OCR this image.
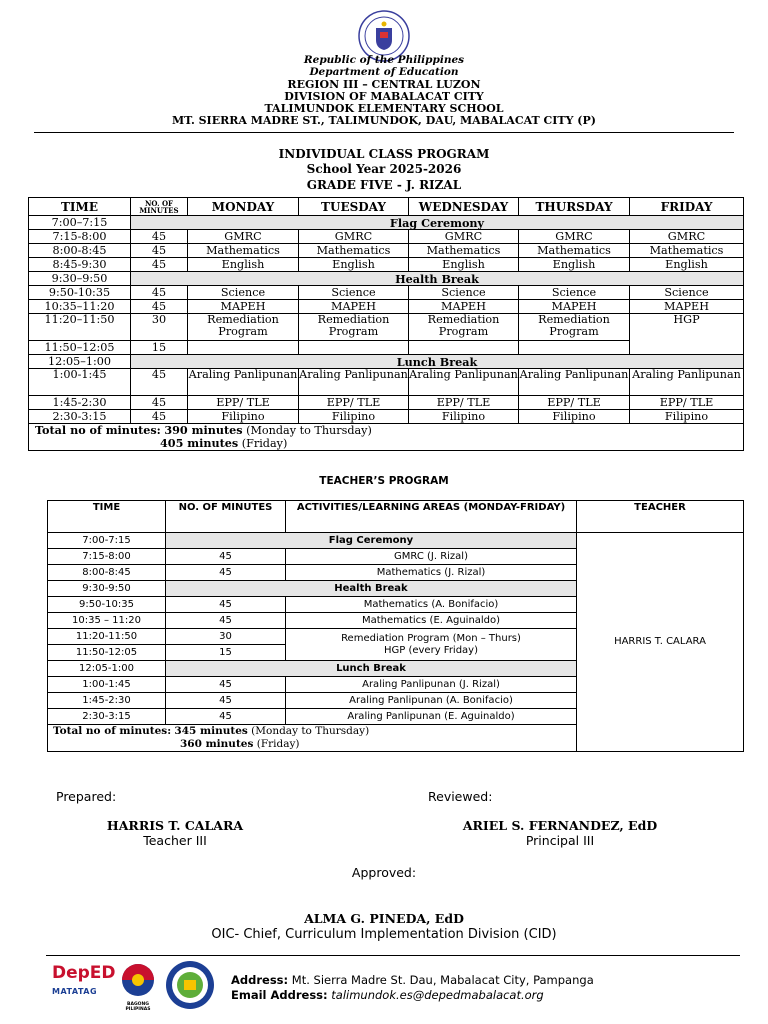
Republic of the Philippines
Department of Education
REGION III – CENTRAL LUZON
DIVISION OF MABALACAT CITY
TALIMUNDOK ELEMENTARY SCHOOL
MT. SIERRA MADRE ST., TALIMUNDOK, DAU, MABALACAT CITY (P)
INDIVIDUAL CLASS PROGRAM
School Year 2025-2026
GRADE FIVE - J. RIZAL
TIME	NO. OF MINUTES	MONDAY	TUESDAY	WEDNESDAY	THURSDAY	FRIDAY
7:00–7:15	Flag Ceremony					
7:15-8:00	45	GMRC	GMRC	GMRC	GMRC	GMRC
8:00-8:45	45	Mathematics	Mathematics	Mathematics	Mathematics	Mathematics
8:45-9:30	45	English	English	English	English	English
9:30–9:50	Health Break					
9:50-10:35	45	Science	Science	Science	Science	Science
10:35–11:20	45	MAPEH	MAPEH	MAPEH	MAPEH	MAPEH
11:20–11:50	30	Remediation Program	Remediation Program	Remediation Program	Remediation Program	HGP
11:50–12:05	15					
12:05–1:00	Lunch Break					
1:00-1:45	45	Araling Panlipunan	Araling Panlipunan	Araling Panlipunan	Araling Panlipunan	Araling Panlipunan
1:45-2:30	45	EPP/ TLE	EPP/ TLE	EPP/ TLE	EPP/ TLE	EPP/ TLE
2:30-3:15	45	Filipino	Filipino	Filipino	Filipino	Filipino

Total no of minutes: 390 minutes (Monday to Thursday)
405 minutes (Friday)						
TEACHER’S PROGRAM
TIME	NO. OF MINUTES	ACTIVITIES/LEARNING AREAS (MONDAY-FRIDAY)	TEACHER
7:00-7:15	Flag Ceremony		HARRIS T. CALARA
7:15-8:00	45	GMRC (J. Rizal)	
8:00-8:45	45	Mathematics (J. Rizal)	
9:30-9:50	Health Break		
9:50-10:35	45	Mathematics (A. Bonifacio)	
10:35 – 11:20	45	Mathematics (E. Aguinaldo)	
11:20-11:50	30	Remediation Program (Mon – Thurs)
HGP (every Friday)	

11:50-12:05	15		
12:05-1:00	Lunch Break		
1:00-1:45	45	Araling Panlipunan (J. Rizal)	
1:45-2:30	45	Araling Panlipunan (A. Bonifacio)	
2:30-3:15	45	Araling Panlipunan (E. Aguinaldo)	

Total no of minutes: 345 minutes (Monday to Thursday)
360 minutes (Friday)			
Prepared:	Reviewed:
HARRIS T. CALARA
Teacher III
ARIEL S. FERNANDEZ, EdD
Principal III
Approved:
ALMA G. PINEDA, EdD
OIC- Chief, Curriculum Implementation Division (CID)
DepED
MATATAG
BAGONG PILIPINAS
Address: Mt. Sierra Madre St. Dau, Mabalacat City, Pampanga
Email Address: talimundok.es@depedmabalacat.org
